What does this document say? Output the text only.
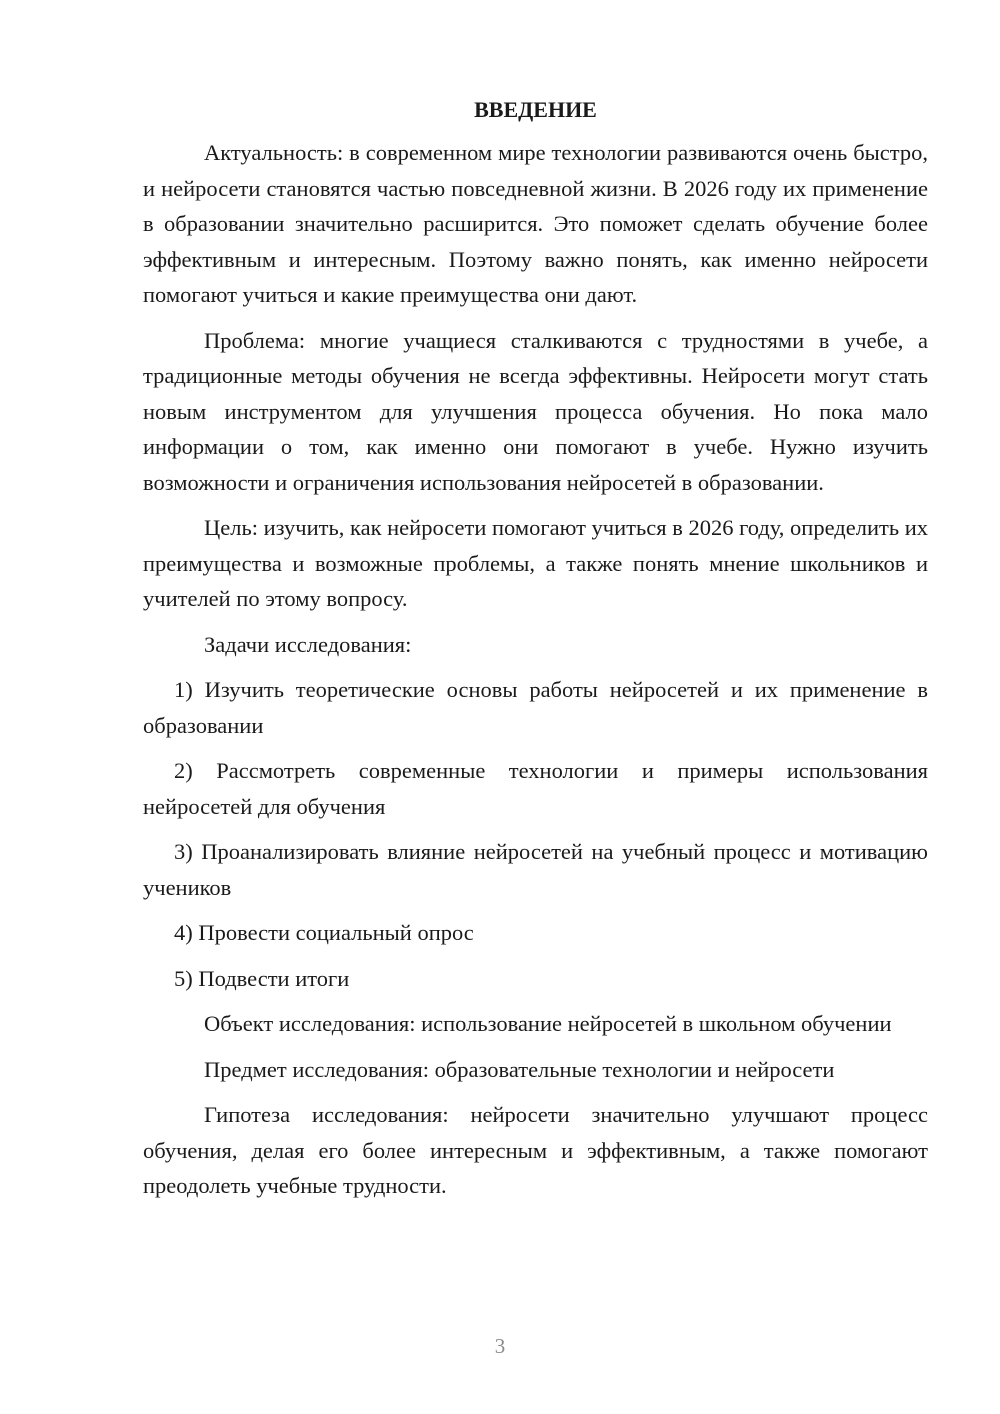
ВВЕДЕНИЕ

Актуальность: в современном мире технологии развиваются очень быстро, и нейросети становятся частью повседневной жизни. В 2026 году их применение в образовании значительно расширится. Это поможет сделать обучение более эффективным и интересным. Поэтому важно понять, как именно нейросети помогают учиться и какие преимущества они дают.

Проблема: многие учащиеся сталкиваются с трудностями в учебе, а традиционные методы обучения не всегда эффективны. Нейросети могут стать новым инструментом для улучшения процесса обучения. Но пока мало информации о том, как именно они помогают в учебе. Нужно изучить возможности и ограничения использования нейросетей в образовании.

Цель: изучить, как нейросети помогают учиться в 2026 году, определить их преимущества и возможные проблемы, а также понять мнение школьников и учителей по этому вопросу.

Задачи исследования:

1) Изучить теоретические основы работы нейросетей и их применение в образовании

2) Рассмотреть современные технологии и примеры использования нейросетей для обучения

3) Проанализировать влияние нейросетей на учебный процесс и мотивацию учеников

4) Провести социальный опрос

5) Подвести итоги

Объект исследования: использование нейросетей в школьном обучении

Предмет исследования: образовательные технологии и нейросети

Гипотеза исследования: нейросети значительно улучшают процесс обучения, делая его более интересным и эффективным, а также помогают преодолеть учебные трудности.

3
